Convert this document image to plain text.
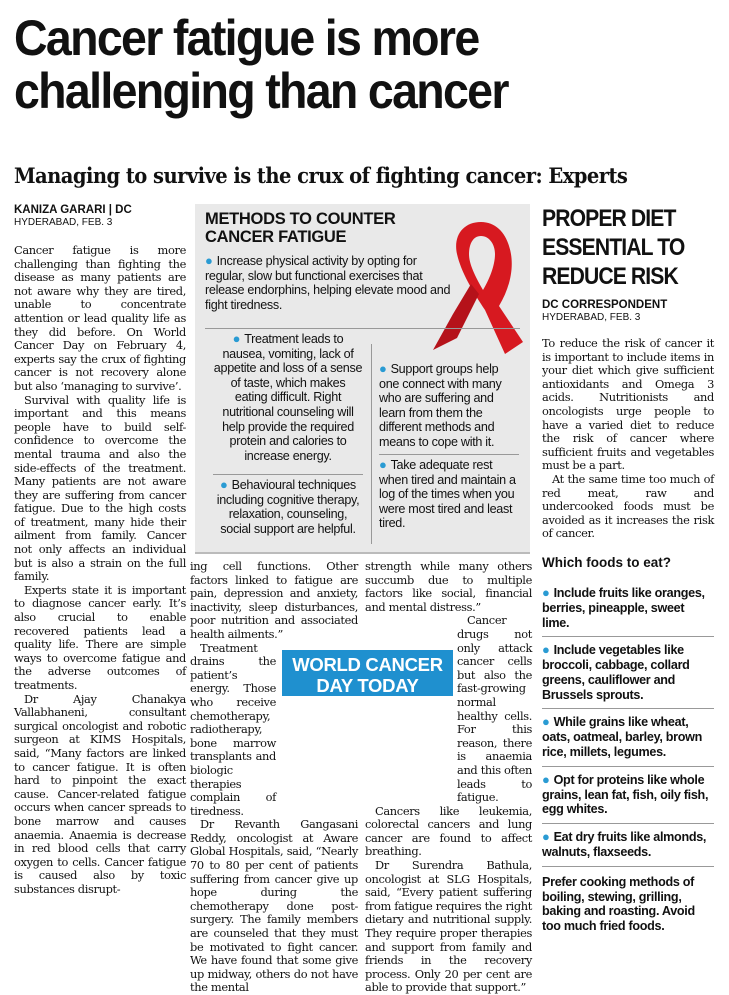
Cancer fatigue is more challenging than cancer
Managing to survive is the crux of fighting cancer: Experts
KANIZA GARARI | DC
HYDERABAD, FEB. 3

Cancer fatigue is more challenging than fighting the disease as many patients are not aware why they are tired, unable to concentrate attention or lead quality life as they did before. On World Cancer Day on February 4, experts say the crux of fighting cancer is not recovery alone but also ‘managing to survive’.

Survival with quality life is important and this means people have to build self-confidence to overcome the mental trauma and also the side-effects of the treatment. Many patients are not aware they are suffering from cancer fatigue. Due to the high costs of treatment, many hide their ailment from family. Cancer not only affects an individual but is also a strain on the full family.

Experts state it is important to diagnose cancer early. It’s also crucial to enable recovered patients lead a quality life. There are simple ways to overcome fatigue and the adverse outcomes of treatments.

Dr Ajay Chanakya Vallabhaneni, consultant surgical oncologist and robotic surgeon at KIMS Hospitals, said, “Many factors are linked to cancer fatigue. It is often hard to pinpoint the exact cause. Cancer-related fatigue occurs when cancer spreads to bone marrow and causes anaemia. Anaemia is decrease in red blood cells that carry oxygen to cells. Cancer fatigue is caused also by toxic substances disrupt-

METHODS TO COUNTER CANCER FATIGUE
● Increase physical activity by opting for regular, slow but functional exercises that release endorphins, helping elevate mood and fight tiredness.
● Treatment leads to nausea, vomiting, lack of appetite and loss of a sense of taste, which makes eating difficult. Right nutritional counseling will help provide the required protein and calories to increase energy.
● Behavioural techniques including cognitive therapy, relaxation, counseling, social support are helpful.
● Support groups help one connect with many who are suffering and learn from them the different methods and means to cope with it.
● Take adequate rest when tired and maintain a log of the times when you were most tired and least tired.

ing cell functions. Other factors linked to fatigue are pain, depression and anxiety, inactivity, sleep disturbances, poor nutrition and associated health ailments.”

Treatment drains the patient’s energy. Those who receive chemotherapy, radiotherapy, bone marrow transplants and biologic therapies complain of tiredness.

Dr Revanth Gangasani Reddy, oncologist at Aware Global Hospitals, said, “Nearly 70 to 80 per cent of patients suffering from cancer give up hope during the chemotherapy done post-surgery. The family members are counseled that they must be motivated to fight cancer. We have found that some give up midway, others do not have the mental

strength while many others succumb due to multiple factors like social, financial and mental distress.”

Cancer drugs not only attack cancer cells but also the fast-growing normal healthy cells. For this reason, there is anaemia and this often leads to fatigue.

Cancers like leukemia, colorectal cancers and lung cancer are found to affect breathing.

Dr Surendra Bathula, oncologist at SLG Hospitals, said, “Every patient suffering from fatigue requires the right dietary and nutritional supply. They require proper therapies and support from family and friends in the recovery process. Only 20 per cent are able to provide that support.”

WORLD CANCER
DAY TODAY
PROPER DIET
ESSENTIAL TO
REDUCE RISK
DC CORRESPONDENT
HYDERABAD, FEB. 3

To reduce the risk of cancer it is important to include items in your diet which give sufficient antioxidants and Omega 3 acids. Nutritionists and oncologists urge people to have a varied diet to reduce the risk of cancer where sufficient fruits and vegetables must be a part.

At the same time too much of red meat, raw and undercooked foods must be avoided as it increases the risk of cancer.

Which foods to eat?
● Include fruits like oranges, berries, pineapple, sweet lime.
● Include vegetables like broccoli, cabbage, collard greens, cauliflower and Brussels sprouts.
● While grains like wheat, oats, oatmeal, barley, brown rice, millets, legumes.
● Opt for proteins like whole grains, lean fat, fish, oily fish, egg whites.
● Eat dry fruits like almonds, walnuts, flaxseeds.
Prefer cooking methods of boiling, stewing, grilling, baking and roasting. Avoid too much fried foods.
